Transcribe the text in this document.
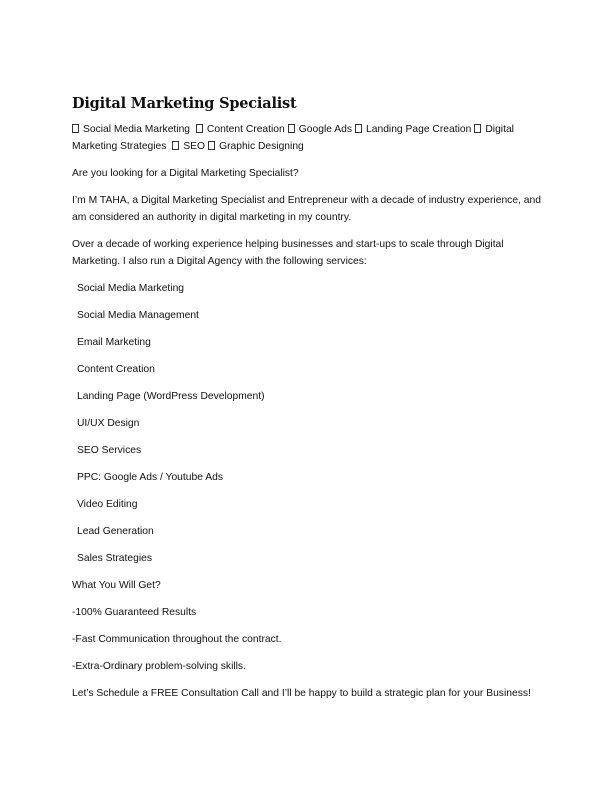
Digital Marketing Specialist

Social Media Marketing Content Creation Google Ads Landing Page Creation Digital Marketing Strategies SEO Graphic Designing

Are you looking for a Digital Marketing Specialist?

I’m M TAHA, a Digital Marketing Specialist and Entrepreneur with a decade of industry experience, and am considered an authority in digital marketing in my country.

Over a decade of working experience helping businesses and start-ups to scale through Digital Marketing. I also run a Digital Agency with the following services:

Social Media Marketing

Social Media Management

Email Marketing

Content Creation

Landing Page (WordPress Development)

UI/UX Design

SEO Services

PPC: Google Ads / Youtube Ads

Video Editing

Lead Generation

Sales Strategies

What You Will Get?

-100% Guaranteed Results

-Fast Communication throughout the contract.

-Extra-Ordinary problem-solving skills.

Let’s Schedule a FREE Consultation Call and I’ll be happy to build a strategic plan for your Business!
